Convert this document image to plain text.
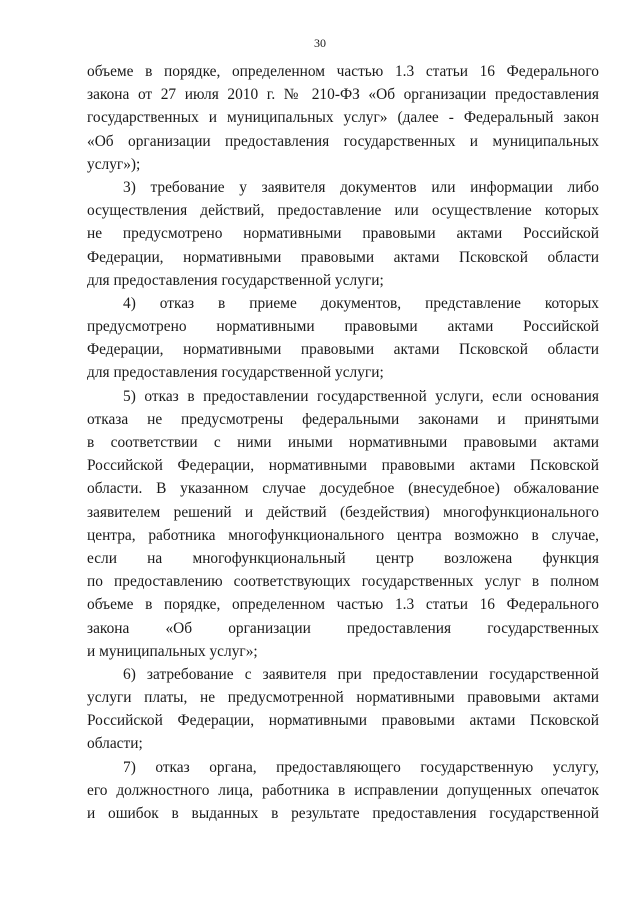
30
объеме в порядке, определенном частью 1.3 статьи 16 Федерального
закона от 27 июля 2010 г. № 210-ФЗ «Об организации предоставления
государственных и муниципальных услуг» (далее - Федеральный закон
«Об организации предоставления государственных и муниципальных
услуг»);
3) требование у заявителя документов или информации либо
осуществления действий, предоставление или осуществление которых
не предусмотрено нормативными правовыми актами Российской
Федерации, нормативными правовыми актами Псковской области
для предоставления государственной услуги;
4) отказ в приеме документов, представление которых
предусмотрено нормативными правовыми актами Российской
Федерации, нормативными правовыми актами Псковской области
для предоставления государственной услуги;
5) отказ в предоставлении государственной услуги, если основания
отказа не предусмотрены федеральными законами и принятыми
в соответствии с ними иными нормативными правовыми актами
Российской Федерации, нормативными правовыми актами Псковской
области. В указанном случае досудебное (внесудебное) обжалование
заявителем решений и действий (бездействия) многофункционального
центра, работника многофункционального центра возможно в случае,
если на многофункциональный центр возложена функция
по предоставлению соответствующих государственных услуг в полном
объеме в порядке, определенном частью 1.3 статьи 16 Федерального
закона «Об организации предоставления государственных
и муниципальных услуг»;
6) затребование с заявителя при предоставлении государственной
услуги платы, не предусмотренной нормативными правовыми актами
Российской Федерации, нормативными правовыми актами Псковской
области;
7) отказ органа, предоставляющего государственную услугу,
его должностного лица, работника в исправлении допущенных опечаток
и ошибок в выданных в результате предоставления государственной
